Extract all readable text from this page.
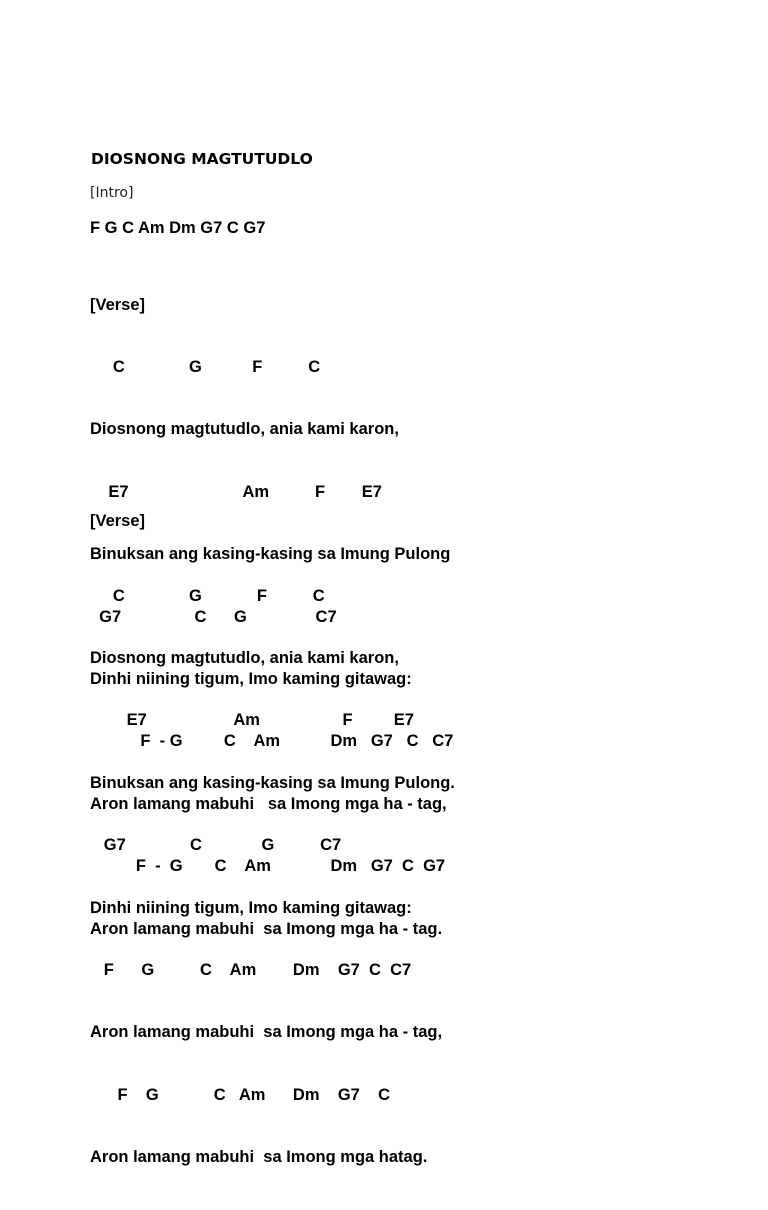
DIOSNONG MAGTUTUDLO
[Intro]
F G C Am Dm G7 C G7

[Verse]

C              G           F          C

Diosnong magtutudlo, ania kami karon,

E7                         Am          F        E7

Binuksan ang kasing-kasing sa Imung Pulong

G7                C      G               C7

Dinhi niining tigum, Imo kaming gitawag:

F  - G         C    Am           Dm   G7   C   C7

Aron lamang mabuhi   sa Imong mga ha - tag,

F  -  G       C    Am             Dm   G7  C  G7

Aron lamang mabuhi  sa Imong mga ha - tag.

[Verse]

C              G            F          C

Diosnong magtutudlo, ania kami karon,

E7                   Am                  F         E7

Binuksan ang kasing-kasing sa Imung Pulong.

G7              C             G          C7

Dinhi niining tigum, Imo kaming gitawag:

F      G          C    Am        Dm    G7  C  C7

Aron lamang mabuhi  sa Imong mga ha - tag,

F    G            C   Am      Dm    G7    C

Aron lamang mabuhi  sa Imong mga hatag.
